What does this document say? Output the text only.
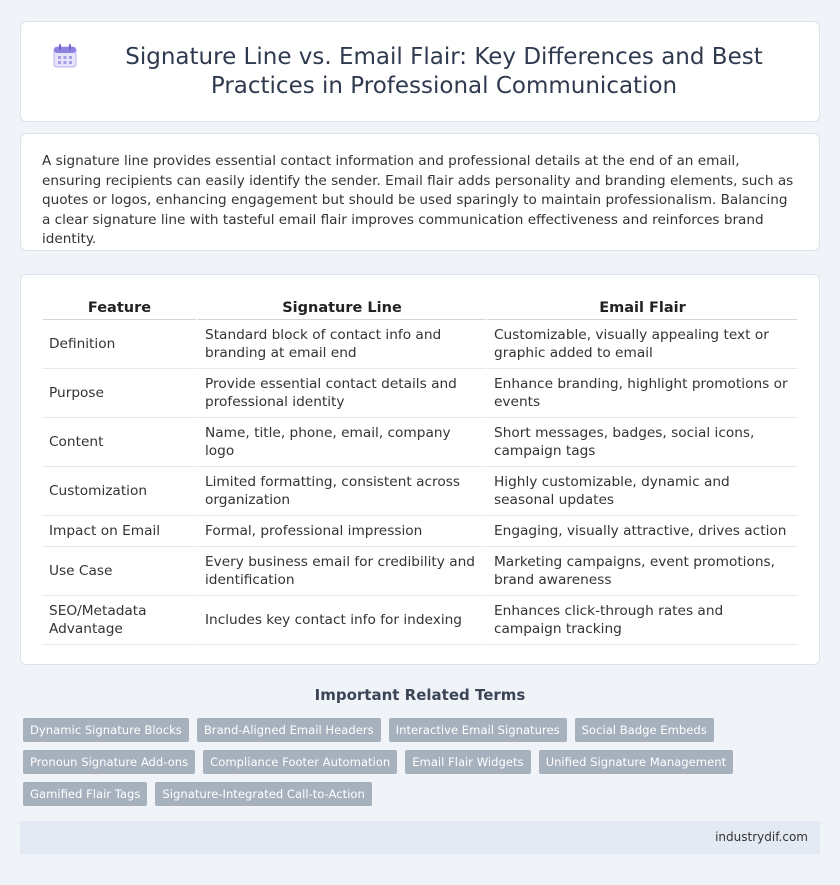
Signature Line vs. Email Flair: Key Differences and Best Practices in Professional Communication

A signature line provides essential contact information and professional details at the end of an email, ensuring recipients can easily identify the sender. Email flair adds personality and branding elements, such as quotes or logos, enhancing engagement but should be used sparingly to maintain professionalism. Balancing a clear signature line with tasteful email flair improves communication effectiveness and reinforces brand identity.

Feature	Signature Line	Email Flair
Definition	Standard block of contact info and branding at email end	Customizable, visually appealing text or graphic added to email
Purpose	Provide essential contact details and professional identity	Enhance branding, highlight promotions or events
Content	Name, title, phone, email, company logo	Short messages, badges, social icons, campaign tags
Customization	Limited formatting, consistent across organization	Highly customizable, dynamic and seasonal updates
Impact on Email	Formal, professional impression	Engaging, visually attractive, drives action
Use Case	Every business email for credibility and identification	Marketing campaigns, event promotions, brand awareness
SEO/Metadata Advantage	Includes key contact info for indexing	Enhances click-through rates and campaign tracking
Important Related Terms
Dynamic Signature Blocks	Brand-Aligned Email Headers	Interactive Email Signatures	Social Badge Embeds
Pronoun Signature Add-ons	Compliance Footer Automation	Email Flair Widgets	Unified Signature Management
Gamified Flair Tags	Signature-Integrated Call-to-Action
industrydif.com
